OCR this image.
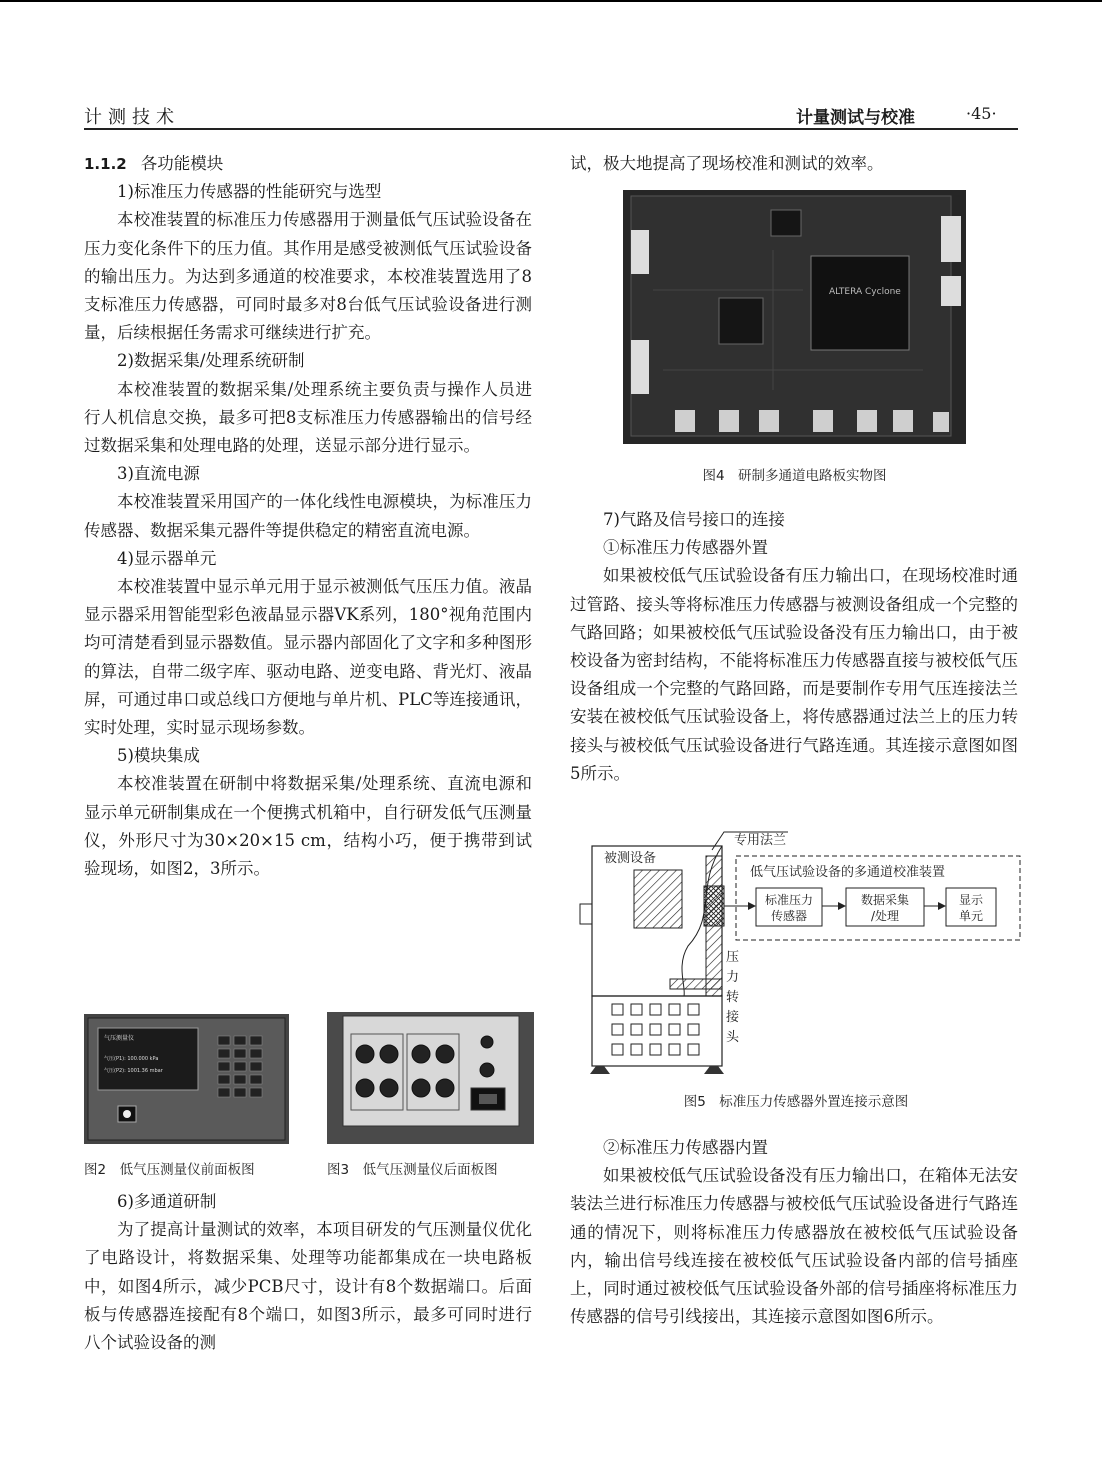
计测技术	计量测试与校准	·45·

1.1.2 各功能模块

1)标准压力传感器的性能研究与选型

本校准装置的标准压力传感器用于测量低气压试验设备在压力变化条件下的压力值。其作用是感受被测低气压试验设备的输出压力。为达到多通道的校准要求，本校准装置选用了8支标准压力传感器，可同时最多对8台低气压试验设备进行测量，后续根据任务需求可继续进行扩充。

2)数据采集/处理系统研制

本校准装置的数据采集/处理系统主要负责与操作人员进行人机信息交换，最多可把8支标准压力传感器输出的信号经过数据采集和处理电路的处理，送显示部分进行显示。

3)直流电源

本校准装置采用国产的一体化线性电源模块，为标准压力传感器、数据采集元器件等提供稳定的精密直流电源。

4)显示器单元

本校准装置中显示单元用于显示被测低气压压力值。液晶显示器采用智能型彩色液晶显示器VK系列，180°视角范围内均可清楚看到显示器数值。显示器内部固化了文字和多种图形的算法，自带二级字库、驱动电路、逆变电路、背光灯、液晶屏，可通过串口或总线口方便地与单片机、PLC等连接通讯，实时处理，实时显示现场参数。

5)模块集成

本校准装置在研制中将数据采集/处理系统、直流电源和显示单元研制集成在一个便携式机箱中，自行研发低气压测量仪，外形尺寸为30×20×15 cm，结构小巧，便于携带到试验现场，如图2，3所示。

气压测量仪
气压(P1): 100.000 kPa
气压(P2): 1001.36 mbar
图2　低气压测量仪前面板图	图3　低气压测量仪后面板图

6)多通道研制

为了提高计量测试的效率，本项目研发的气压测量仪优化了电路设计，将数据采集、处理等功能都集成在一块电路板中，如图4所示，减少PCB尺寸，设计有8个数据端口。后面板与传感器连接配有8个端口，如图3所示，最多可同时进行八个试验设备的测

试，极大地提高了现场校准和测试的效率。

ALTERA Cyclone
图4　研制多通道电路板实物图

7)气路及信号接口的连接

①标准压力传感器外置

如果被校低气压试验设备有压力输出口，在现场校准时通过管路、接头等将标准压力传感器与被测设备组成一个完整的气路回路；如果被校低气压试验设备没有压力输出口，由于被校设备为密封结构，不能将标准压力传感器直接与被校低气压设备组成一个完整的气路回路，而是要制作专用气压连接法兰安装在被校低气压试验设备上，将传感器通过法兰上的压力转接头与被校低气压试验设备进行气路连通。其连接示意图如图5所示。

被测设备
专用法兰
压
力
转
接
头
低气压试验设备的多通道校准装置
标准压力
传感器
数据采集
/处理
显示
单元
图5　标准压力传感器外置连接示意图

②标准压力传感器内置

如果被校低气压试验设备没有压力输出口，在箱体无法安装法兰进行标准压力传感器与被校低气压试验设备进行气路连通的情况下，则将标准压力传感器放在被校低气压试验设备内，输出信号线连接在被校低气压试验设备内部的信号插座上，同时通过被校低气压试验设备外部的信号插座将标准压力传感器的信号引线接出，其连接示意图如图6所示。
